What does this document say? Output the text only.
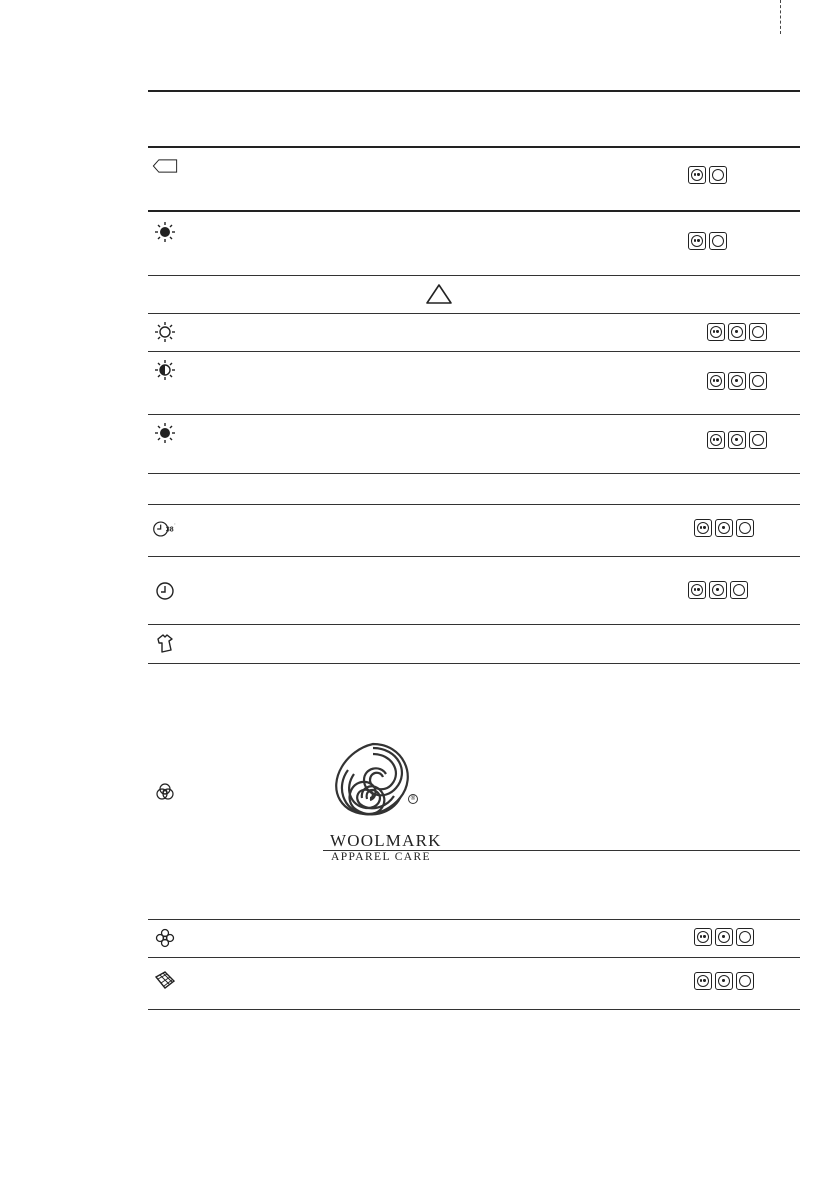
38
'
®
WOOLMARK
APPAREL CARE
